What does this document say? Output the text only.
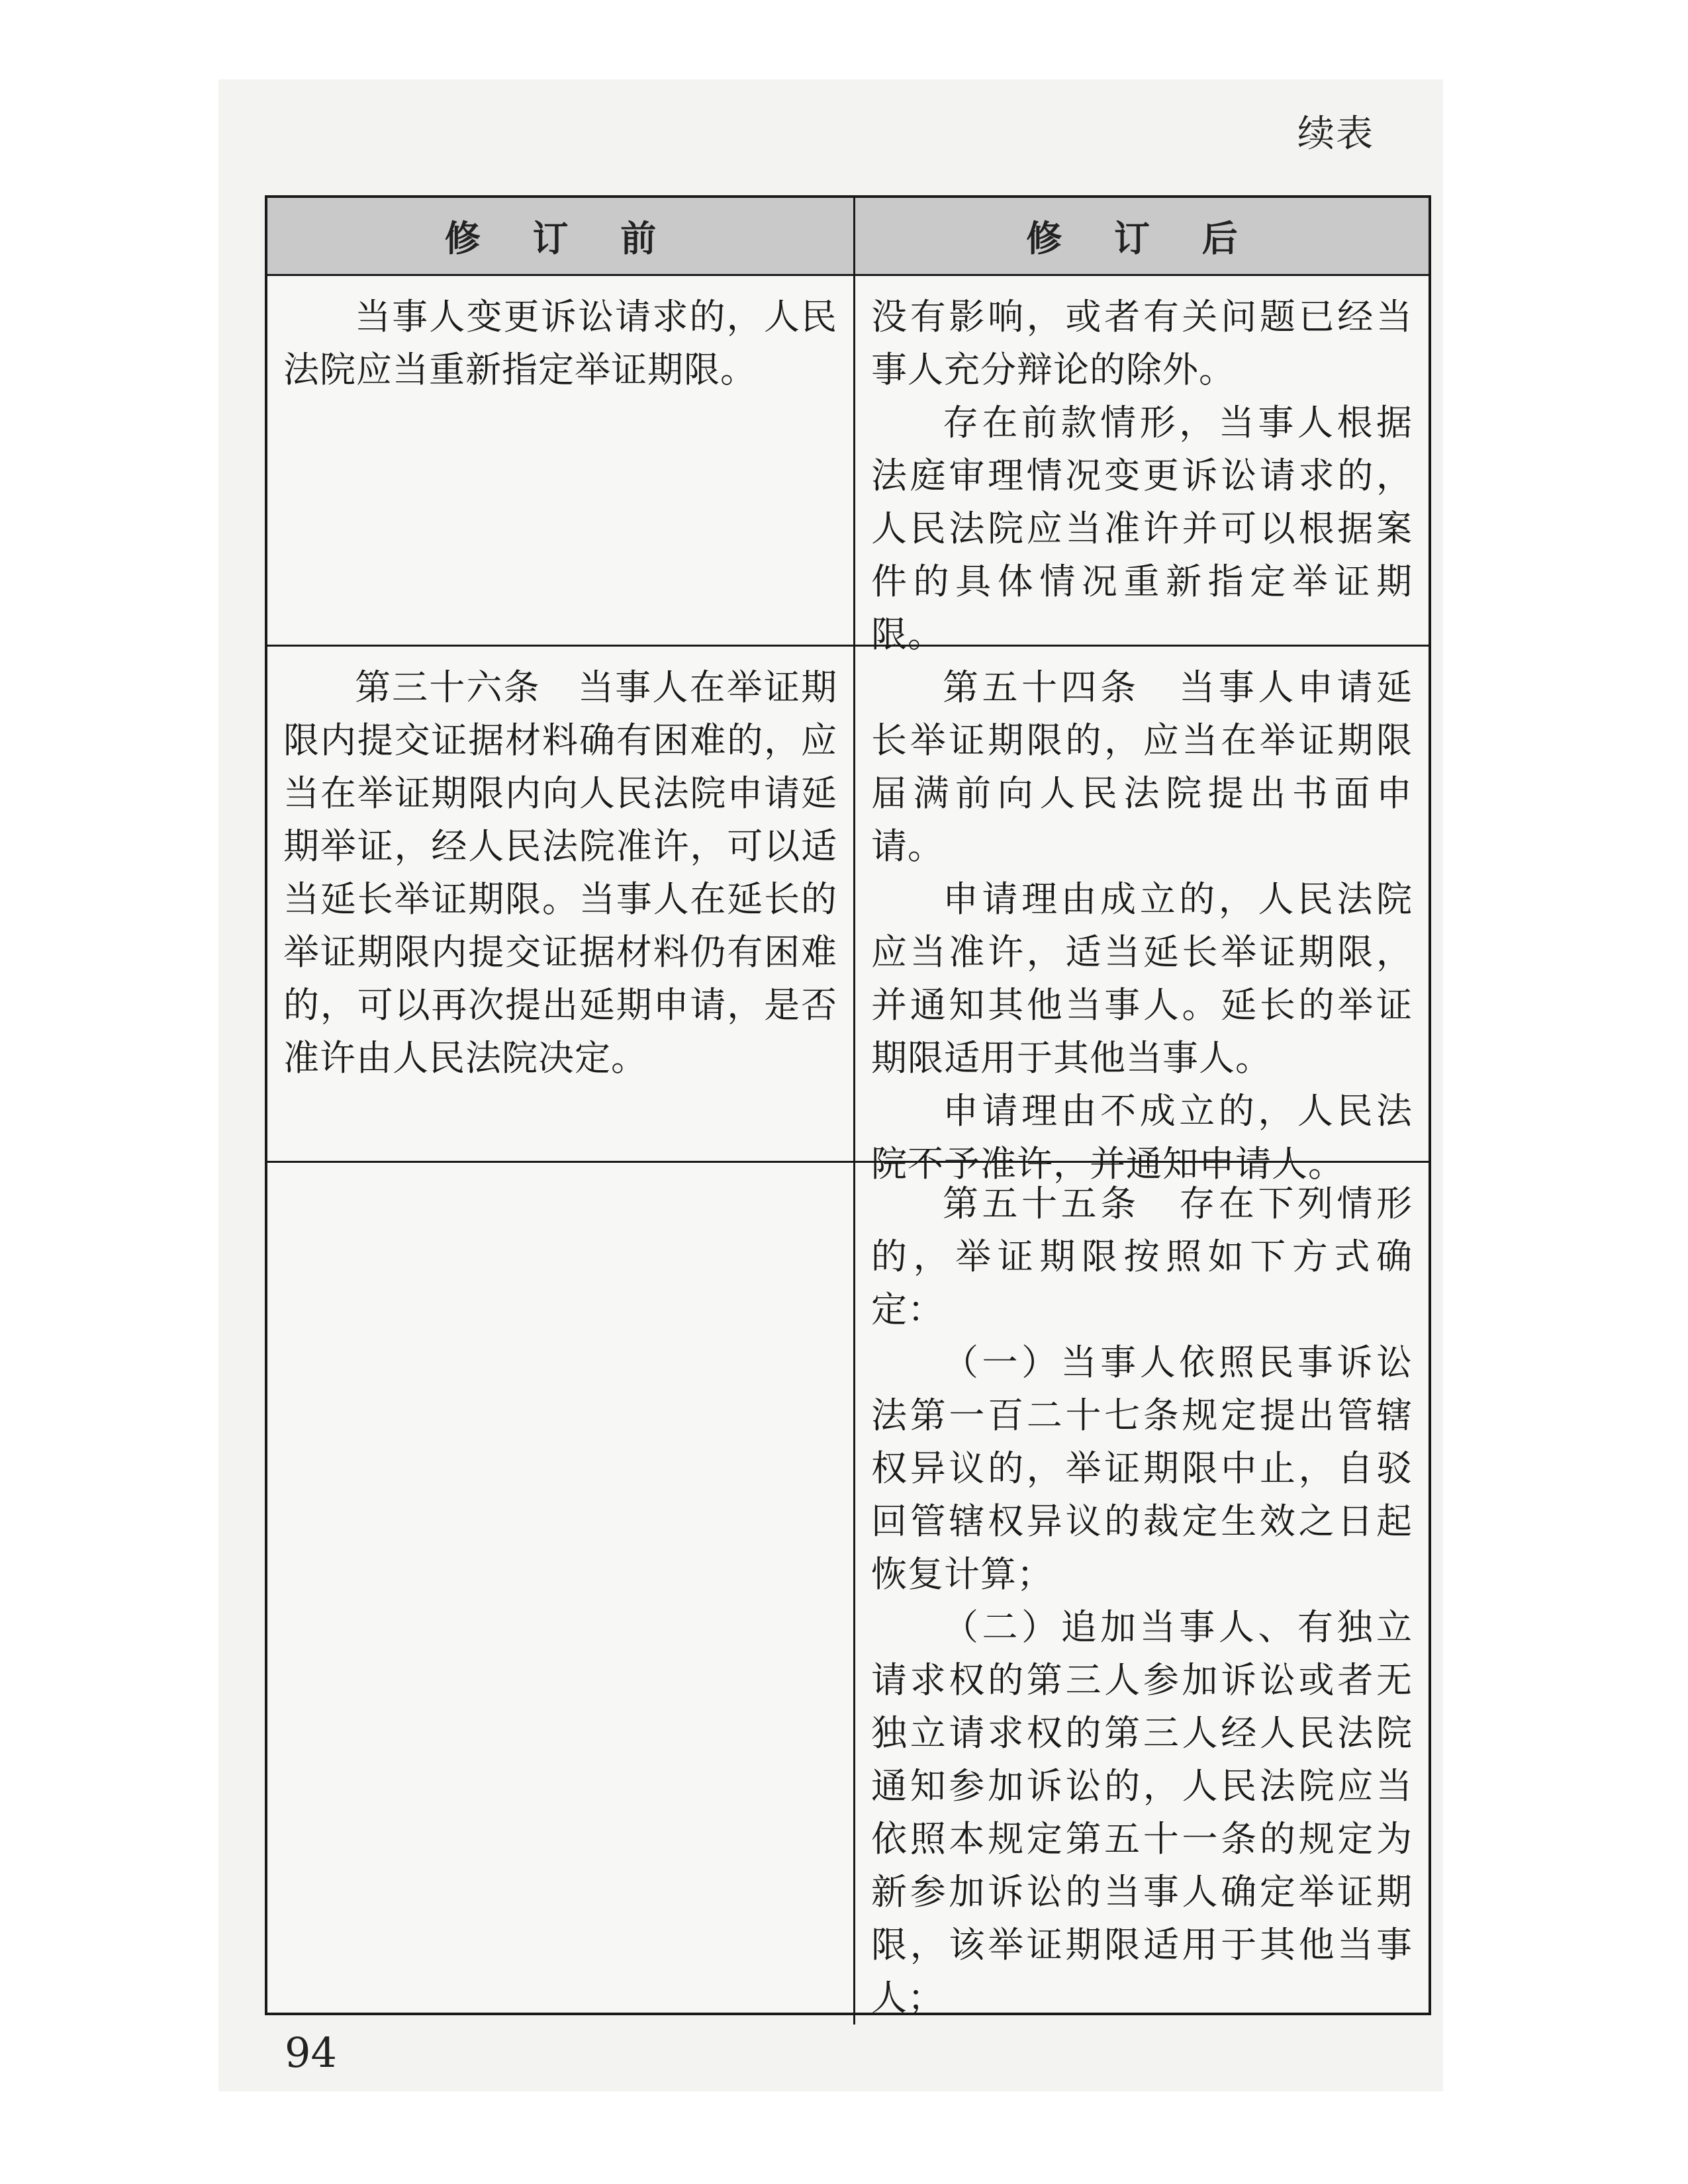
续表
修 订 前	修 订 后

当事人变更诉讼请求的，人民法院应当重新指定举证期限。

没有影响，或者有关问题已经当事人充分辩论的除外。

存在前款情形，当事人根据法庭审理情况变更诉讼请求的，人民法院应当准许并可以根据案件的具体情况重新指定举证期限。

第三十六条　当事人在举证期限内提交证据材料确有困难的，应当在举证期限内向人民法院申请延期举证，经人民法院准许，可以适当延长举证期限。当事人在延长的举证期限内提交证据材料仍有困难的，可以再次提出延期申请，是否准许由人民法院决定。

第五十四条　当事人申请延长举证期限的，应当在举证期限届满前向人民法院提出书面申请。

申请理由成立的，人民法院应当准许，适当延长举证期限，并通知其他当事人。延长的举证期限适用于其他当事人。

申请理由不成立的，人民法院不予准许，并通知申请人。

第五十五条　存在下列情形的，举证期限按照如下方式确定：

（一）当事人依照民事诉讼法第一百二十七条规定提出管辖权异议的，举证期限中止，自驳回管辖权异议的裁定生效之日起恢复计算；

（二）追加当事人、有独立请求权的第三人参加诉讼或者无独立请求权的第三人经人民法院通知参加诉讼的，人民法院应当依照本规定第五十一条的规定为新参加诉讼的当事人确定举证期限，该举证期限适用于其他当事人；

94
